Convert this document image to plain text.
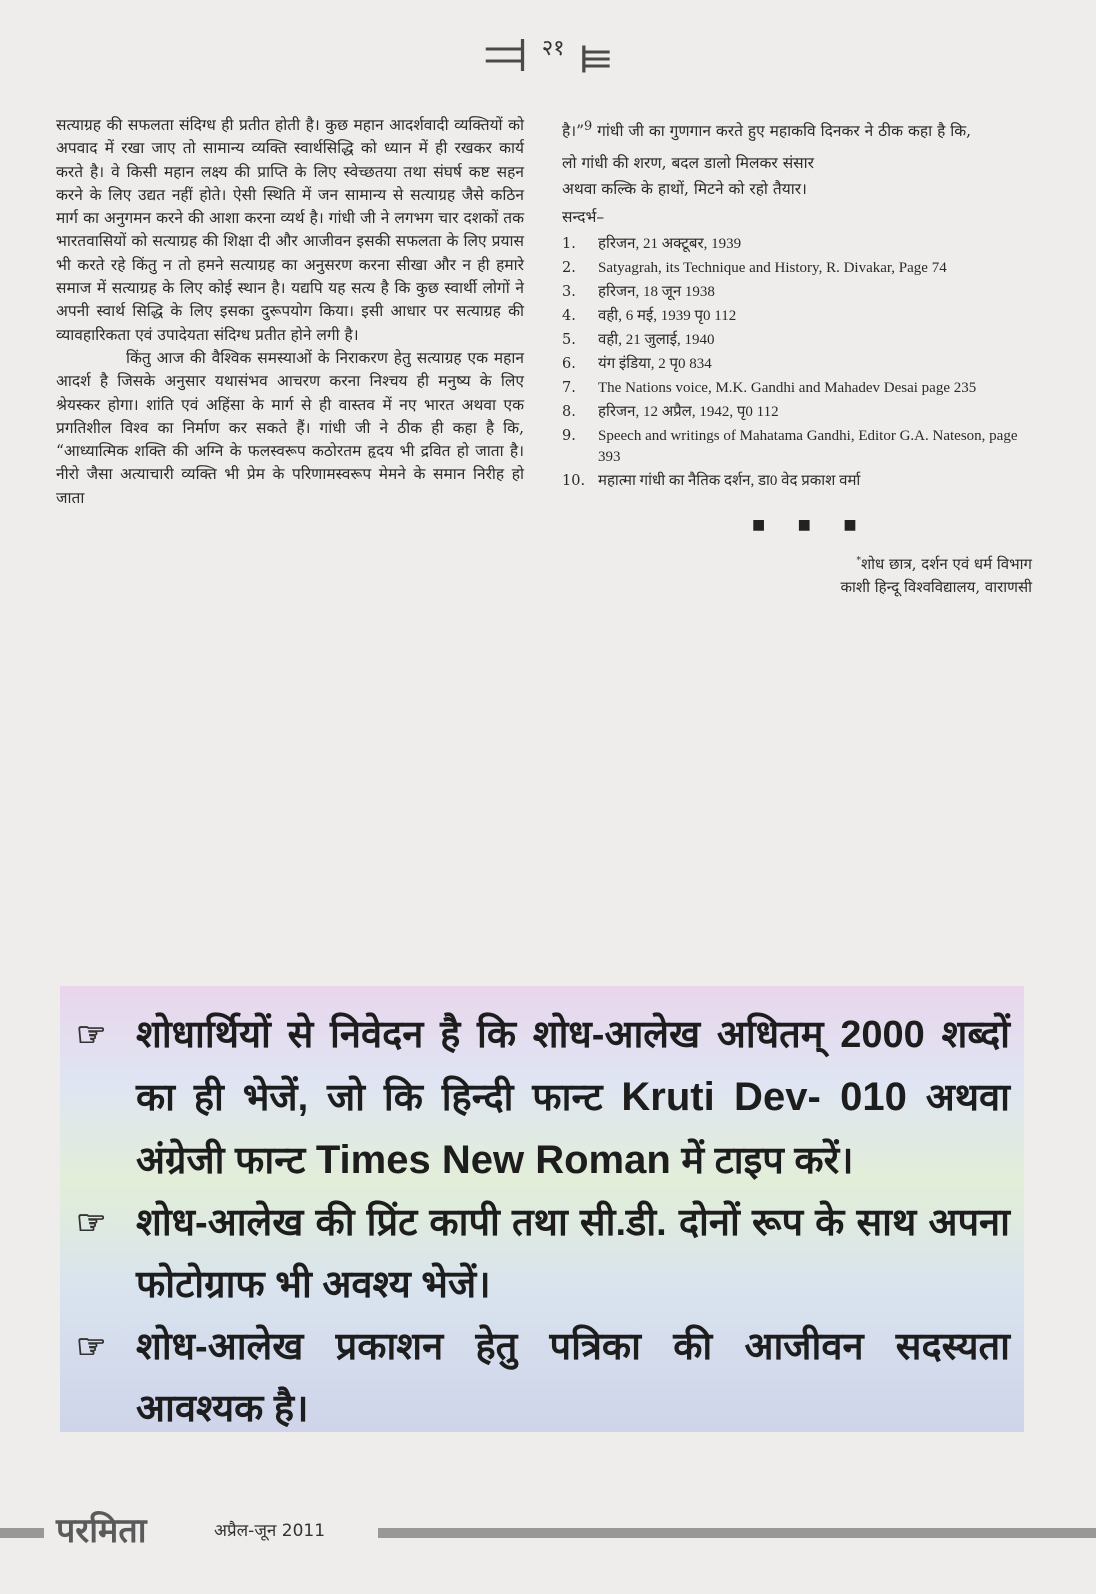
⫤ २१ ⫢

सत्याग्रह की सफलता संदिग्ध ही प्रतीत होती है। कुछ महान आदर्शवादी व्यक्तियों को अपवाद में रखा जाए तो सामान्य व्यक्ति स्वार्थसिद्धि को ध्यान में ही रखकर कार्य करते है। वे किसी महान लक्ष्य की प्राप्ति के लिए स्वेच्छतया तथा संघर्ष कष्ट सहन करने के लिए उद्यत नहीं होते। ऐसी स्थिति में जन सामान्य से सत्याग्रह जैसे कठिन मार्ग का अनुगमन करने की आशा करना व्यर्थ है। गांधी जी ने लगभग चार दशकों तक भारतवासियों को सत्याग्रह की शिक्षा दी और आजीवन इसकी सफलता के लिए प्रयास भी करते रहे किंतु न तो हमने सत्याग्रह का अनुसरण करना सीखा और न ही हमारे समाज में सत्याग्रह के लिए कोई स्थान है। यद्यपि यह सत्य है कि कुछ स्वार्थी लोगों ने अपनी स्वार्थ सिद्धि के लिए इसका दुरूपयोग किया। इसी आधार पर सत्याग्रह की व्यावहारिकता एवं उपादेयता संदिग्ध प्रतीत होने लगी है।

किंतु आज की वैश्विक समस्याओं के निराकरण हेतु सत्याग्रह एक महान आदर्श है जिसके अनुसार यथासंभव आचरण करना निश्चय ही मनुष्य के लिए श्रेयस्कर होगा। शांति एवं अहिंसा के मार्ग से ही वास्तव में नए भारत अथवा एक प्रगतिशील विश्व का निर्माण कर सकते हैं। गांधी जी ने ठीक ही कहा है कि, “आध्यात्मिक शक्ति की अग्नि के फलस्वरूप कठोरतम हृदय भी द्रवित हो जाता है। नीरो जैसा अत्याचारी व्यक्ति भी प्रेम के परिणामस्वरूप मेमने के समान निरीह हो जाता

है।”$^9$ गांधी जी का गुणगान करते हुए महाकवि दिनकर ने ठीक कहा है कि,

लो गांधी की शरण, बदल डालो मिलकर संसार
अथवा कल्कि के हाथों, मिटने को रहो तैयार।
सन्दर्भ–
1.	हरिजन, 21 अक्टूबर, 1939
2.	Satyagrah, its Technique and History, R. Divakar, Page 74
3.	हरिजन, 18 जून 1938
4.	वही, 6 मई, 1939 पृ0 112
5.	वही, 21 जुलाई, 1940
6.	यंग इंडिया, 2 पृ0 834
7.	The Nations voice, M.K. Gandhi and Mahadev Desai page 235
8.	हरिजन, 12 अप्रैल, 1942, पृ0 112
9.	Speech and writings of Mahatama Gandhi, Editor G.A. Nateson, page 393
10. महात्मा गांधी का नैतिक दर्शन, डा0 वेद प्रकाश वर्मा
■ ■ ■
*शोध छात्र, दर्शन एवं धर्म विभाग
काशी हिन्दू विश्वविद्यालय, वाराणसी
☞ शोधार्थियों से निवेदन है कि शोध-आलेख अधितम् 2000 शब्दों का ही भेजें, जो कि हिन्दी फान्ट Kruti Dev- 010 अथवा अंग्रेजी फान्ट Times New Roman में टाइप करें।
☞ शोध-आलेख की प्रिंट कापी तथा सी.डी. दोनों रूप के साथ अपना फोटोग्राफ भी अवश्य भेजें।
☞ शोध-आलेख प्रकाशन हेतु पत्रिका की आजीवन सदस्यता आवश्यक है।
परमिता	अप्रैल-जून 2011
